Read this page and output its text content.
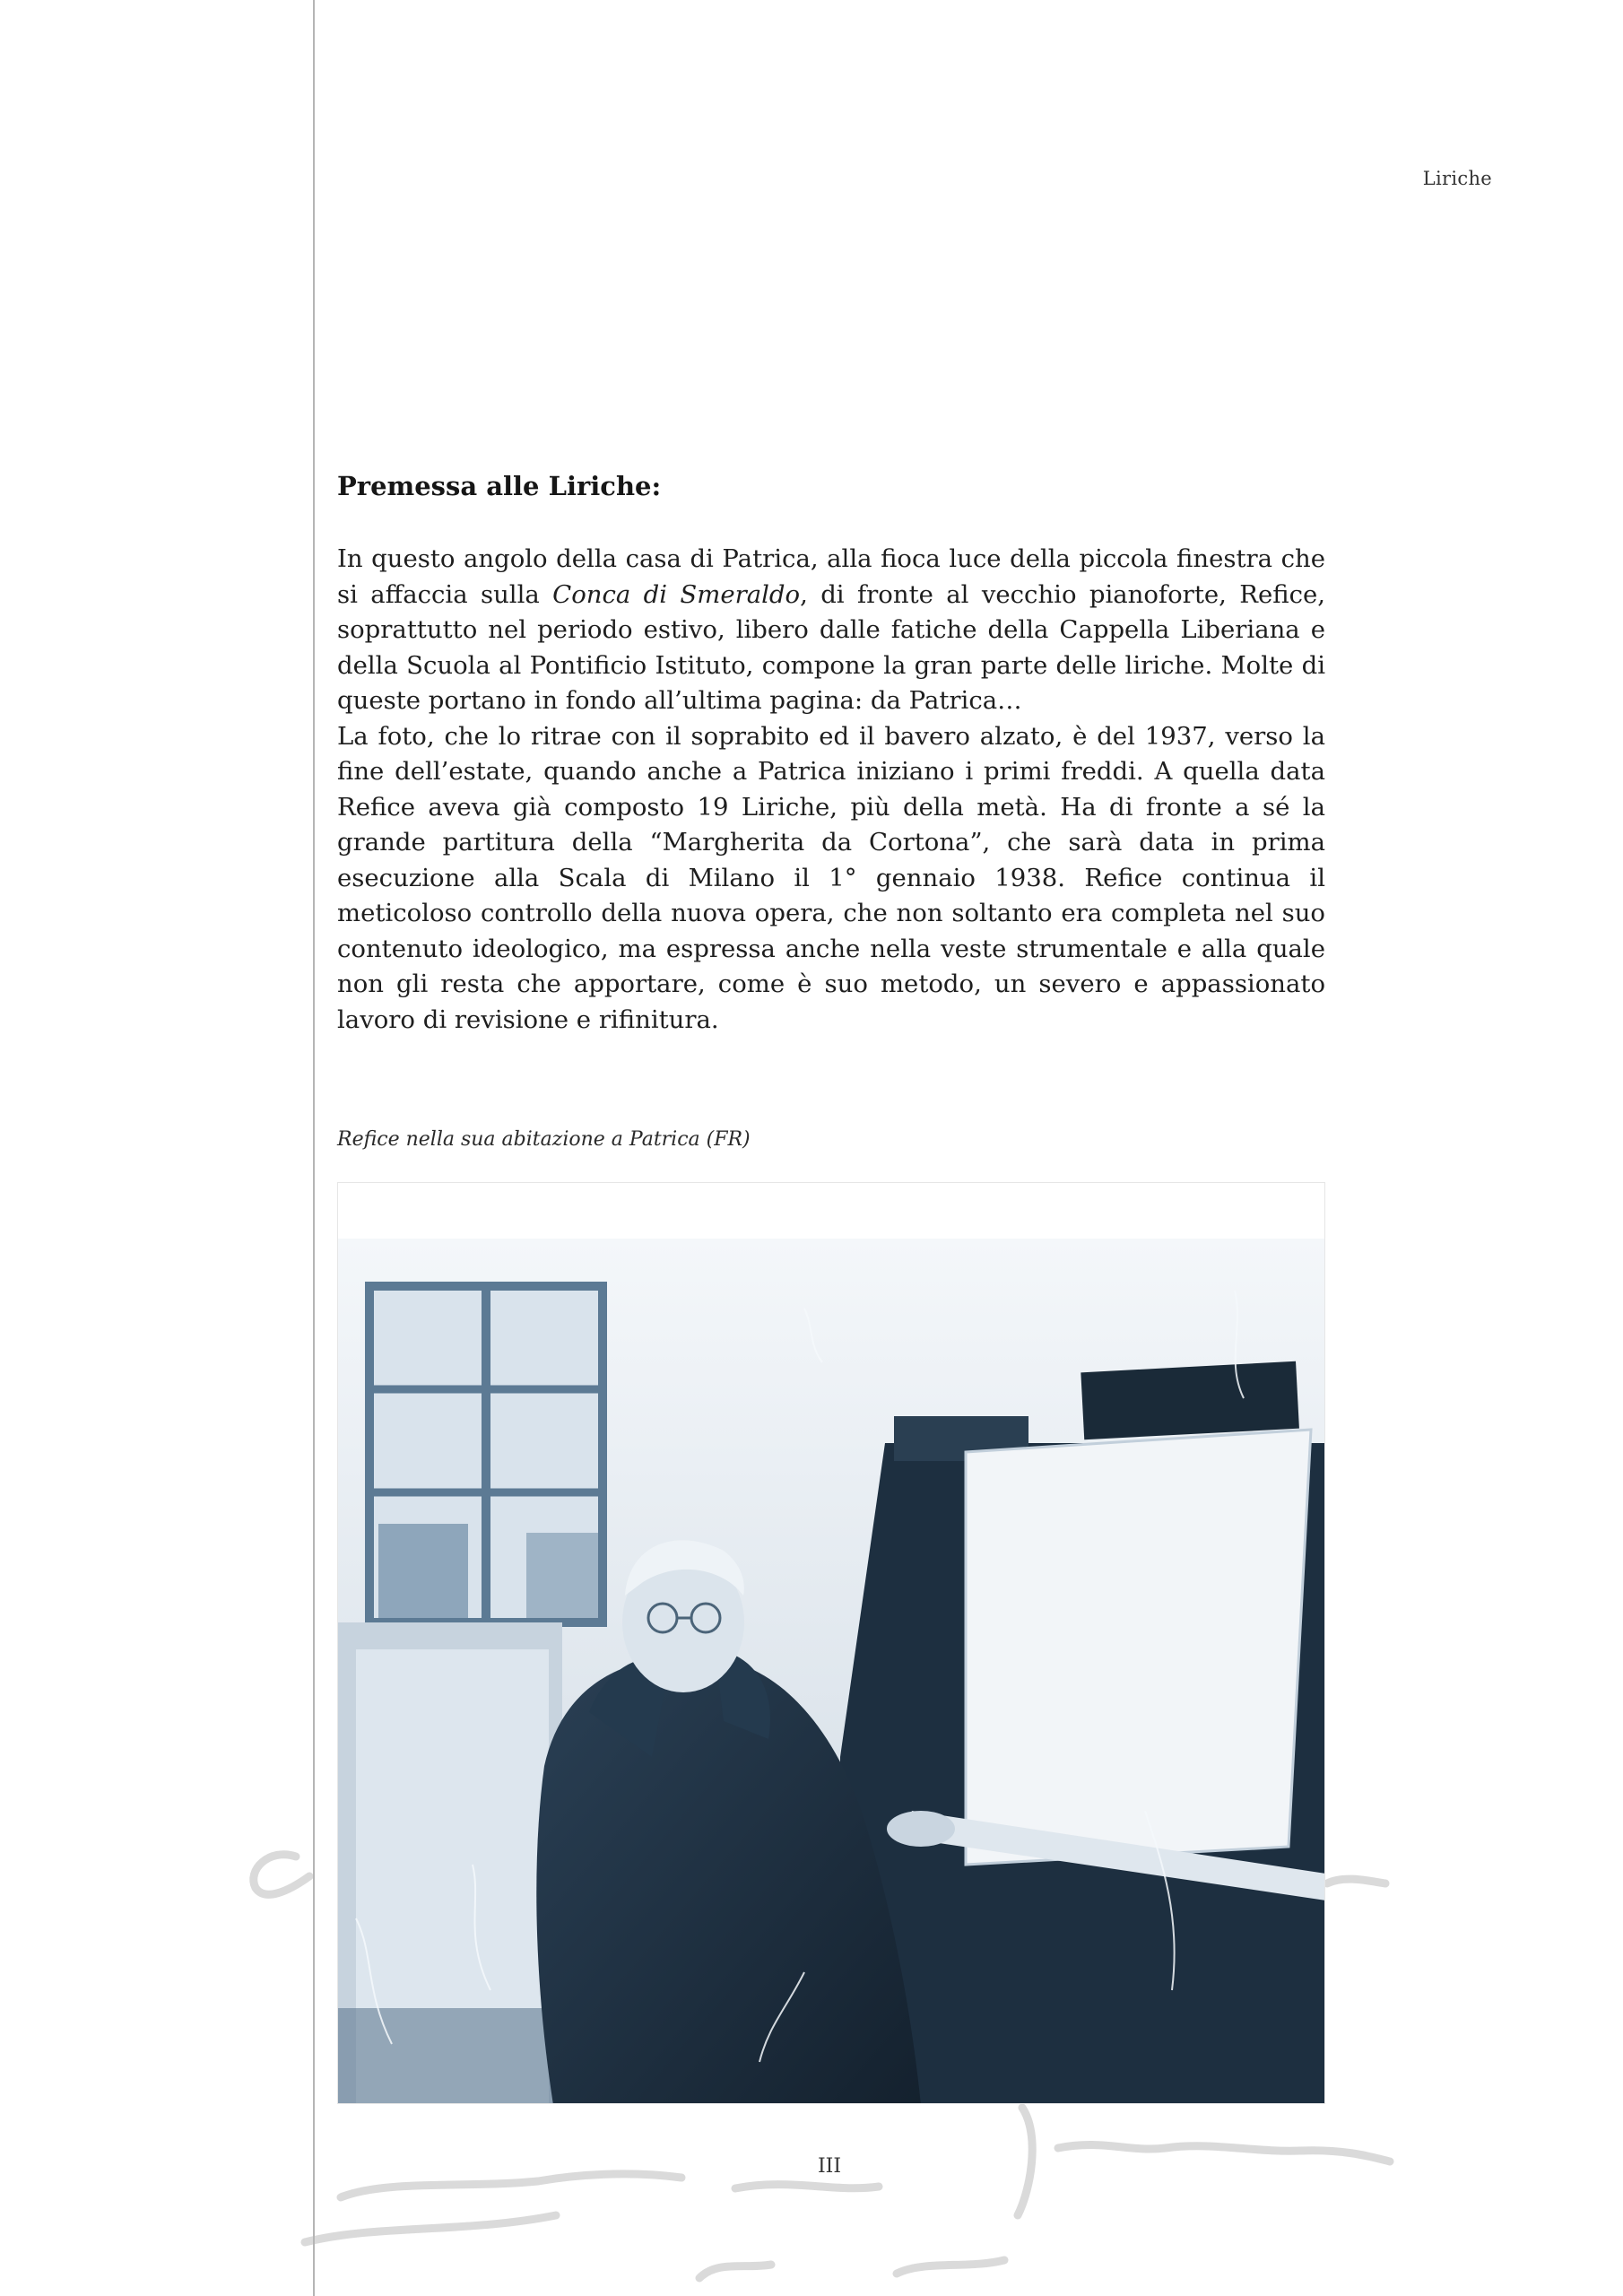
Liriche
Premessa alle Liriche:

In questo angolo della casa di Patrica, alla fioca luce della piccola finestra che si affaccia sulla Conca di Smeraldo, di fronte al vecchio pianoforte, Refice, soprattutto nel periodo estivo, libero dalle fatiche della Cappella Liberiana e della Scuola al Pontificio Istituto, compone la gran parte delle liriche. Molte di queste portano in fondo all’ultima pagina: da Patrica…

La foto, che lo ritrae con il soprabito ed il bavero alzato, è del 1937, verso la fine dell’estate, quando anche a Patrica iniziano i primi freddi. A quella data Refice aveva già composto 19 Liriche, più della metà. Ha di fronte a sé la grande partitura della “Margherita da Cortona”, che sarà data in prima esecuzione alla Scala di Milano il 1° gennaio 1938. Refice continua il meticoloso controllo della nuova opera, che non soltanto era completa nel suo contenuto ideologico, ma espressa anche nella veste strumentale e alla quale non gli resta che apportare, come è suo metodo, un severo e appassionato lavoro di revisione e rifinitura.

Refice nella sua abitazione a Patrica (FR)
III
